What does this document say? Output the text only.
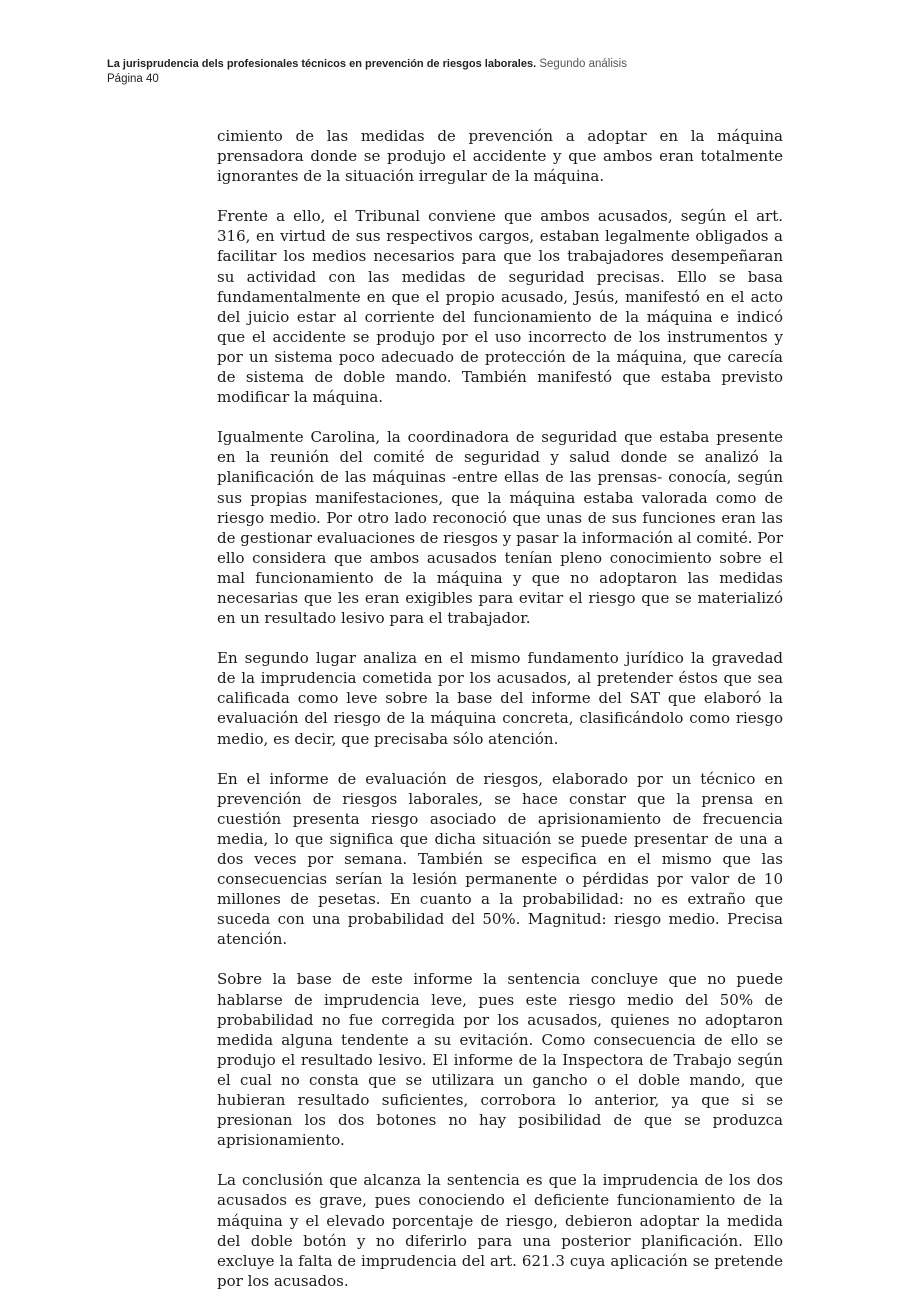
La jurisprudencia dels profesionales técnicos en prevención de riesgos laborales. Segundo análisis
Página 40

cimiento de las medidas de prevención a adoptar en la máquina prensadora donde se produjo el accidente y que ambos eran totalmente ignorantes de la situación irregular de la máquina.

Frente a ello, el Tribunal conviene que ambos acusados, según el art. 316, en virtud de sus respectivos cargos, estaban legalmente obligados a facilitar los medios necesarios para que los trabajadores desempeñaran su actividad con las medidas de seguridad precisas. Ello se basa fundamentalmente en que el propio acusado, Jesús, manifestó en el acto del juicio estar al corriente del funcionamiento de la máquina e indicó que el accidente se produjo por el uso incorrecto de los instrumentos y por un sistema poco adecuado de protección de la máquina, que carecía de sistema de doble mando. También manifestó que estaba previsto modificar la máquina.

Igualmente Carolina, la coordinadora de seguridad que estaba presente en la reunión del comité de seguridad y salud donde se analizó la planificación de las máquinas -entre ellas de las prensas- conocía, según sus propias manifestaciones, que la máquina estaba valorada como de riesgo medio. Por otro lado reconoció que unas de sus funciones eran las de gestionar evaluaciones de riesgos y pasar la información al comité. Por ello considera que ambos acusados tenían pleno conocimiento sobre el mal funcionamiento de la máquina y que no adoptaron las medidas necesarias que les eran exigibles para evitar el riesgo que se materializó en un resultado lesivo para el trabajador.

En segundo lugar analiza en el mismo fundamento jurídico la gravedad de la imprudencia cometida por los acusados, al pretender éstos que sea calificada como leve sobre la base del informe del SAT que elaboró la evaluación del riesgo de la máquina concreta, clasificándolo como riesgo medio, es decir, que precisaba sólo atención.

En el informe de evaluación de riesgos, elaborado por un técnico en prevención de riesgos laborales, se hace constar que la prensa en cuestión presenta riesgo asociado de aprisionamiento de frecuencia media, lo que significa que dicha situación se puede presentar de una a dos veces por semana. También se especifica en el mismo que las consecuencias serían la lesión permanente o pérdidas por valor de 10 millones de pesetas. En cuanto a la probabilidad: no es extraño que suceda con una probabilidad del 50%. Magnitud: riesgo medio. Precisa atención.

Sobre la base de este informe la sentencia concluye que no puede hablarse de imprudencia leve, pues este riesgo medio del 50% de probabilidad no fue corregida por los acusados, quienes no adoptaron medida alguna tendente a su evitación. Como consecuencia de ello se produjo el resultado lesivo. El informe de la Inspectora de Trabajo según el cual no consta que se utilizara un gancho o el doble mando, que hubieran resultado suficientes, corrobora lo anterior, ya que si se presionan los dos botones no hay posibilidad de que se produzca aprisionamiento.

La conclusión que alcanza la sentencia es que la imprudencia de los dos acusados es grave, pues conociendo el deficiente funcionamiento de la máquina y el elevado porcentaje de riesgo, debieron adoptar la medida del doble botón y no diferirlo para una posterior planificación. Ello excluye la falta de imprudencia del art. 621.3 cuya aplicación se pretende por los acusados.
